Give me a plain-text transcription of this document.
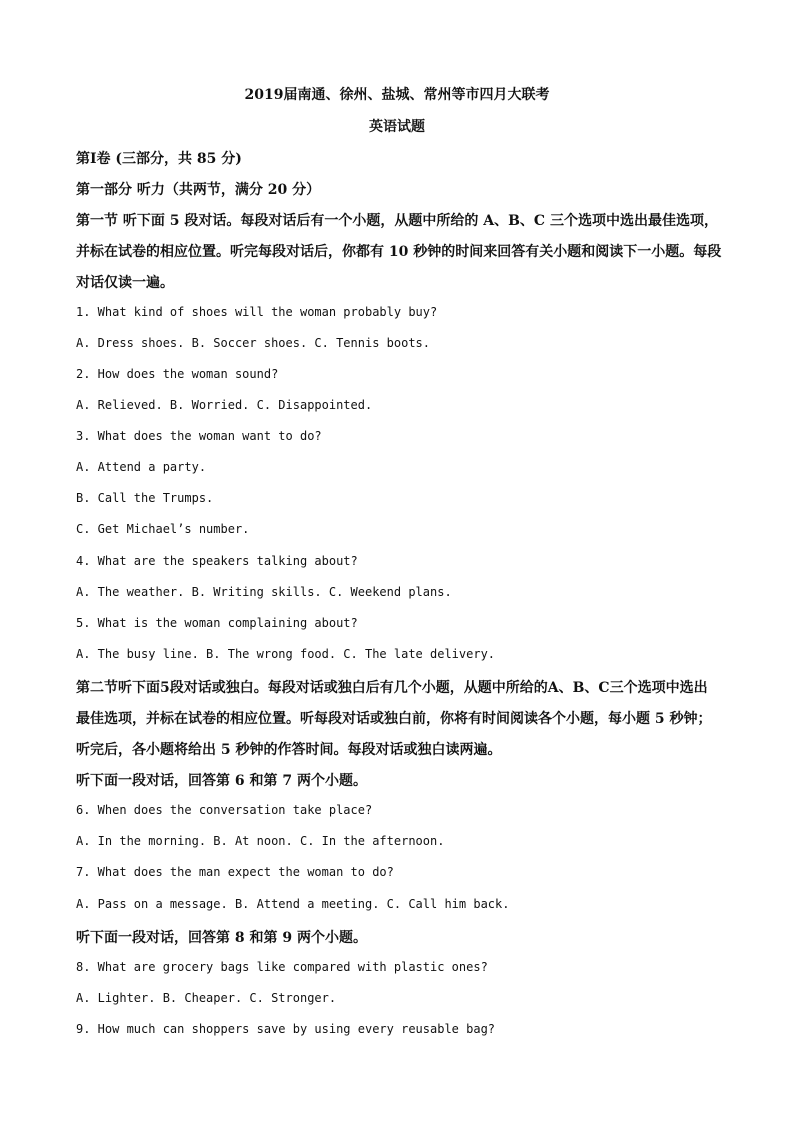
2019届南通、徐州、盐城、常州等市四月大联考
英语试题
第I卷 (三部分，共 85 分)
第一部分 听力（共两节，满分 20 分）
第一节 听下面 5 段对话。每段对话后有一个小题，从题中所给的 A、B、C 三个选项中选出最佳选项，
并标在试卷的相应位置。听完每段对话后，你都有 10 秒钟的时间来回答有关小题和阅读下一小题。每段
对话仅读一遍。
1. What kind of shoes will the woman probably buy?
A. Dress shoes. B. Soccer shoes. C. Tennis boots.
2. How does the woman sound?
A. Relieved. B. Worried. C. Disappointed.
3. What does the woman want to do?
A. Attend a party.
B. Call the Trumps.
C. Get Michael’s number.
4. What are the speakers talking about?
A. The weather. B. Writing skills. C. Weekend plans.
5. What is the woman complaining about?
A. The busy line. B. The wrong food. C. The late delivery.
第二节听下面5段对话或独白。每段对话或独白后有几个小题，从题中所给的A、B、C三个选项中选出
最佳选项，并标在试卷的相应位置。听每段对话或独白前，你将有时间阅读各个小题，每小题 5 秒钟；
听完后，各小题将给出 5 秒钟的作答时间。每段对话或独白读两遍。
听下面一段对话，回答第 6 和第 7 两个小题。
6. When does the conversation take place?
A. In the morning. B. At noon. C. In the afternoon.
7. What does the man expect the woman to do?
A. Pass on a message. B. Attend a meeting. C. Call him back.
听下面一段对话，回答第 8 和第 9 两个小题。
8. What are grocery bags like compared with plastic ones?
A. Lighter. B. Cheaper. C. Stronger.
9. How much can shoppers save by using every reusable bag?
